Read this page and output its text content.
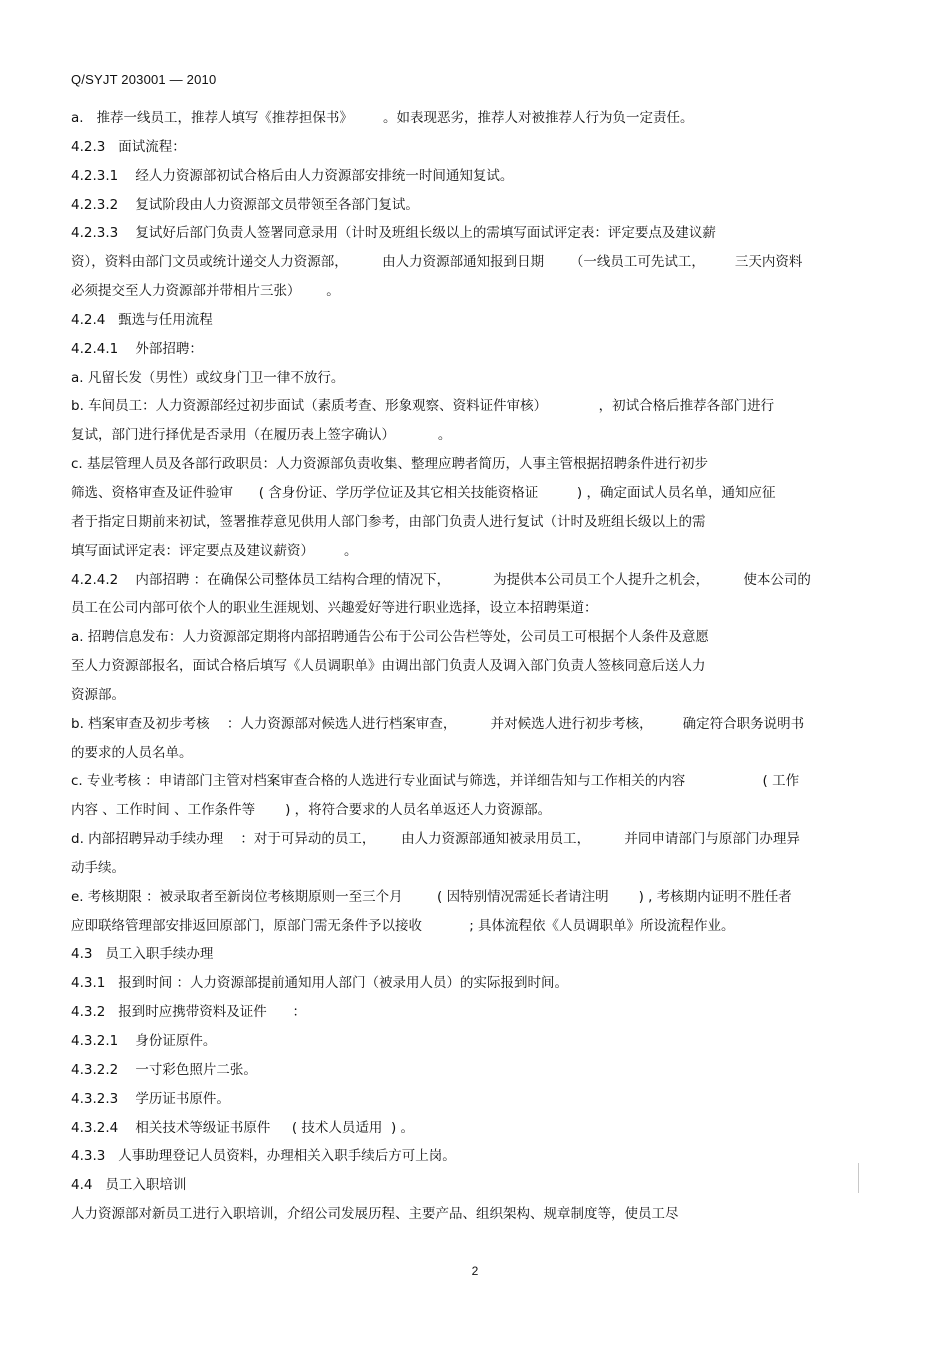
Q/SYJT 203001 — 2010
a.   推荐一线员工，推荐人填写《推荐担保书》       。如表现恶劣，推荐人对被推荐人行为负一定责任。
4.2.3   面试流程：
4.2.3.1    经人力资源部初试合格后由人力资源部安排统一时间通知复试。
4.2.3.2    复试阶段由人力资源部文员带领至各部门复试。
4.2.3.3    复试好后部门负责人签署同意录用（计时及班组长级以上的需填写面试评定表：评定要点及建议薪
资），资料由部门文员或统计递交人力资源部，        由人力资源部通知报到日期      （一线员工可先试工，       三天内资料
必须提交至人力资源部并带相片三张）      。
4.2.4   甄选与任用流程
4.2.4.1    外部招聘：
a. 凡留长发（男性）或纹身门卫一律不放行。
b. 车间员工：人力资源部经过初步面试（素质考查、形象观察、资料证件审核）            ，初试合格后推荐各部门进行
复试，部门进行择优是否录用（在履历表上签字确认）          。
c. 基层管理人员及各部行政职员：人力资源部负责收集、整理应聘者简历，人事主管根据招聘条件进行初步
筛选、资格审查及证件验审      ( 含身份证、学历学位证及其它相关技能资格证         ) ，确定面试人员名单，通知应征
者于指定日期前来初试，签署推荐意见供用人部门参考，由部门负责人进行复试（计时及班组长级以上的需
填写面试评定表：评定要点及建议薪资）       。
4.2.4.2    内部招聘 ：在确保公司整体员工结构合理的情况下，          为提供本公司员工个人提升之机会，        使本公司的
员工在公司内部可依个人的职业生涯规划、兴趣爱好等进行职业选择，设立本招聘渠道：
a. 招聘信息发布：人力资源部定期将内部招聘通告公布于公司公告栏等处，公司员工可根据个人条件及意愿
至人力资源部报名，面试合格后填写《人员调职单》由调出部门负责人及调入部门负责人签核同意后送人力
资源部。
b. 档案审查及初步考核    ：人力资源部对候选人进行档案审查，        并对候选人进行初步考核，       确定符合职务说明书
的要求的人员名单。
c. 专业考核 ：申请部门主管对档案审查合格的人选进行专业面试与筛选，并详细告知与工作相关的内容                  ( 工作
内容 、工作时间 、工作条件等       ) ，将符合要求的人员名单返还人力资源部。
d. 内部招聘异动手续办理    ：对于可异动的员工，      由人力资源部通知被录用员工，        并同申请部门与原部门办理异
动手续。
e. 考核期限 ：被录取者至新岗位考核期原则一至三个月        ( 因特别情况需延长者请注明       ) , 考核期内证明不胜任者
应即联络管理部安排返回原部门，原部门需无条件予以接收           ; 具体流程依《人员调职单》所设流程作业。
4.3   员工入职手续办理
4.3.1   报到时间 ：人力资源部提前通知用人部门（被录用人员）的实际报到时间。
4.3.2   报到时应携带资料及证件      ：
4.3.2.1    身份证原件。
4.3.2.2    一寸彩色照片二张。
4.3.2.3    学历证书原件。
4.3.2.4    相关技术等级证书原件     ( 技术人员适用  ) 。
4.3.3   人事助理登记人员资料，办理相关入职手续后方可上岗。
4.4   员工入职培训
人力资源部对新员工进行入职培训，介绍公司发展历程、主要产品、组织架构、规章制度等，使员工尽
2
